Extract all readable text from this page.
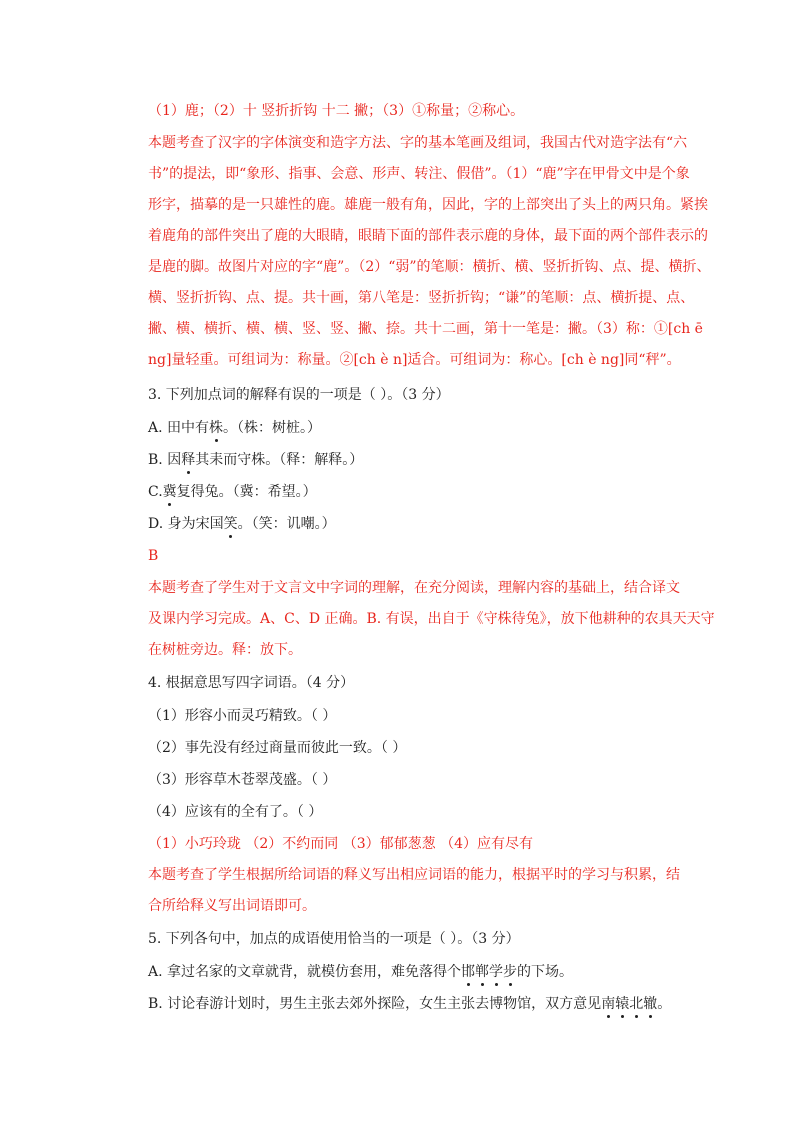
（1）鹿；（2）十 竖折折钩 十二 撇；（3）①称量；②称心。
本题考查了汉字的字体演变和造字方法、字的基本笔画及组词，我国古代对造字法有“六
书”的提法，即“象形、指事、会意、形声、转注、假借”。（1）“鹿”字在甲骨文中是个象
形字，描摹的是一只雄性的鹿。雄鹿一般有角，因此，字的上部突出了头上的两只角。紧挨
着鹿角的部件突出了鹿的大眼睛，眼睛下面的部件表示鹿的身体，最下面的两个部件表示的
是鹿的脚。故图片对应的字“鹿”。（2）“弱”的笔顺：横折、横、竖折折钩、点、提、横折、
横、竖折折钩、点、提。共十画，第八笔是：竖折折钩；“谦”的笔顺：点、横折提、点、
撇、横、横折、横、横、竖、竖、撇、捺。共十二画，第十一笔是：撇。（3）称：①[ch ē
ng]量轻重。可组词为：称量。②[ch è n]适合。可组词为：称心。[ch è ng]同“秤”。
3. 下列加点词的解释有误的一项是（ ）。（3 分）
A. 田中有株。（株：树桩。）
B. 因释其耒而守株。（释：解释。）
C.冀复得兔。（冀：希望。）
D. 身为宋国笑。（笑：讥嘲。）
B
本题考查了学生对于文言文中字词的理解，在充分阅读，理解内容的基础上，结合译文
及课内学习完成。A、C、D 正确。B. 有误，出自于《守株待兔》，放下他耕种的农具天天守
在树桩旁边。释：放下。
4. 根据意思写四字词语。（4 分）
（1）形容小而灵巧精致。（ ）
（2）事先没有经过商量而彼此一致。（ ）
（3）形容草木苍翠茂盛。（ ）
（4）应该有的全有了。（ ）
（1）小巧玲珑 （2）不约而同 （3）郁郁葱葱 （4）应有尽有
本题考查了学生根据所给词语的释义写出相应词语的能力，根据平时的学习与积累，结
合所给释义写出词语即可。
5. 下列各句中，加点的成语使用恰当的一项是（ ）。（3 分）
A. 拿过名家的文章就背，就模仿套用，难免落得个邯郸学步的下场。
B. 讨论春游计划时，男生主张去郊外探险，女生主张去博物馆，双方意见南辕北辙。
